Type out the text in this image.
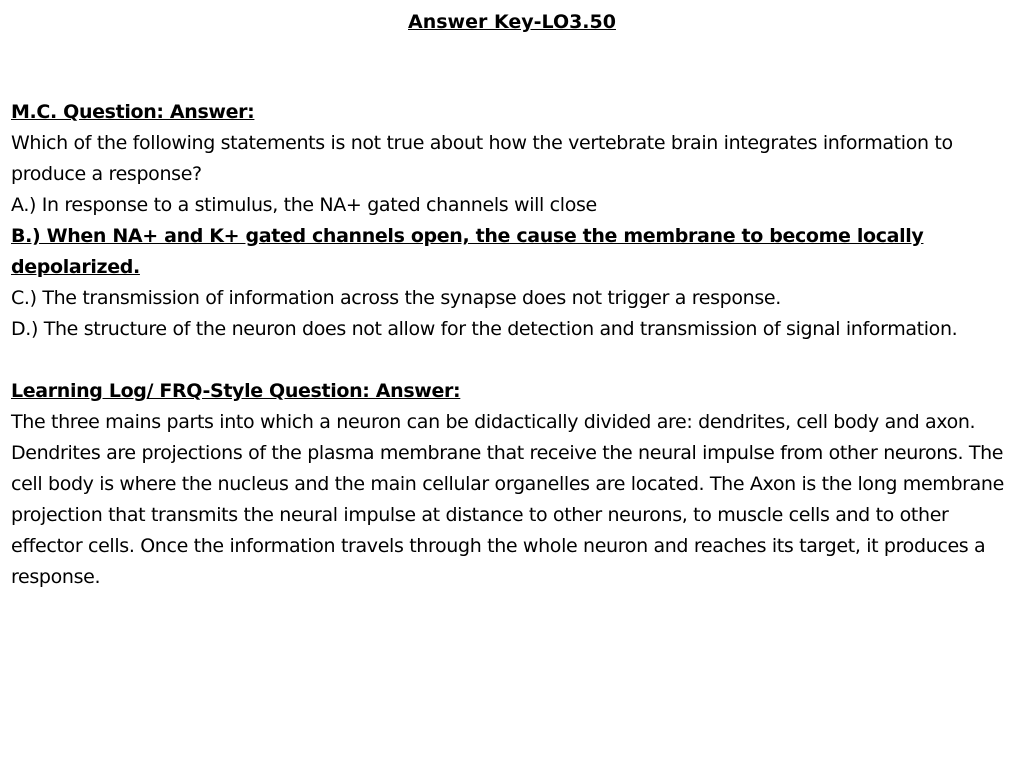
Answer Key-LO3.50

M.C. Question: Answer:

Which of the following statements is not true about how the vertebrate brain integrates information to produce a response?

A.) In response to a stimulus, the NA+ gated channels will close

B.) When NA+ and K+ gated channels open, the cause the membrane to become locally depolarized.

C.) The transmission of information across the synapse does not trigger a response.

D.) The structure of the neuron does not allow for the detection and transmission of signal information.

Learning Log/ FRQ-Style Question: Answer:

The three mains parts into which a neuron can be didactically divided are: dendrites, cell body and axon. Dendrites are projections of the plasma membrane that receive the neural impulse from other neurons. The cell body is where the nucleus and the main cellular organelles are located. The Axon is the long membrane projection that transmits the neural impulse at distance to other neurons, to muscle cells and to other effector cells. Once the information travels through the whole neuron and reaches its target, it produces a response.
